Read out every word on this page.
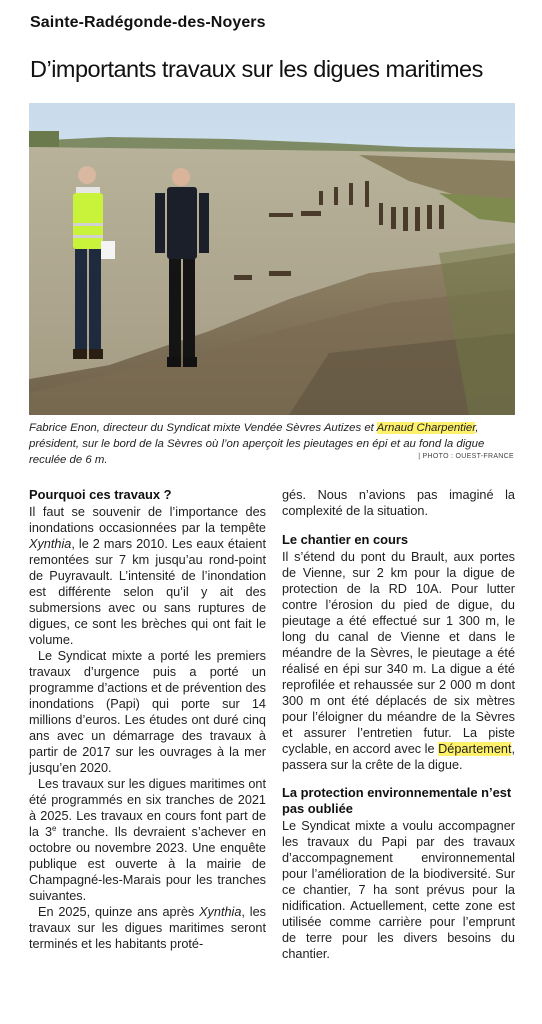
Sainte-Radégonde-des-Noyers
D’importants travaux sur les digues maritimes
Fabrice Enon, directeur du Syndicat mixte Vendée Sèvres Autizes et Arnaud Charpentier, président, sur le bord de la Sèvres où l’on aperçoit les pieutages en épi et au fond la digue reculée de 6 m.	| PHOTO : OUEST-FRANCE
Pourquoi ces travaux ?

Il faut se souvenir de l’importance des inondations occasionnées par la tempête Xynthia, le 2 mars 2010. Les eaux étaient remontées sur 7 km jusqu’au rond-point de Puyravault. L’intensité de l’inondation est différente selon qu’il y ait des submersions avec ou sans ruptures de digues, ce sont les brèches qui ont fait le volume.

Le Syndicat mixte a porté les premiers travaux d’urgence puis a porté un programme d’actions et de prévention des inondations (Papi) qui porte sur 14 millions d’euros. Les études ont duré cinq ans avec un démarrage des travaux à partir de 2017 sur les ouvrages à la mer jusqu’en 2020.

Les travaux sur les digues maritimes ont été programmés en six tranches de 2021 à 2025. Les travaux en cours font part de la 3e tranche. Ils devraient s’achever en octobre ou novembre 2023. Une enquête publique est ouverte à la mairie de Champagné-les-Marais pour les tranches suivantes.

En 2025, quinze ans après Xynthia, les travaux sur les digues maritimes seront terminés et les habitants proté-

gés. Nous n’avions pas imaginé la complexité de la situation.

Le chantier en cours

Il s’étend du pont du Brault, aux portes de Vienne, sur 2 km pour la digue de protection de la RD 10A. Pour lutter contre l’érosion du pied de digue, du pieutage a été effectué sur 1 300 m, le long du canal de Vienne et dans le méandre de la Sèvres, le pieutage a été réalisé en épi sur 340 m. La digue a été reprofilée et rehaussée sur 2 000 m dont 300 m ont été déplacés de six mètres pour l’éloigner du méandre de la Sèvres et assurer l’entretien futur. La piste cyclable, en accord avec le Département, passera sur la crête de la digue.

La protection environnementale n’est pas oubliée

Le Syndicat mixte a voulu accompagner les travaux du Papi par des travaux d’accompagnement environnemental pour l’amélioration de la biodiversité. Sur ce chantier, 7 ha sont prévus pour la nidification. Actuellement, cette zone est utilisée comme carrière pour l’emprunt de terre pour les divers besoins du chantier.
